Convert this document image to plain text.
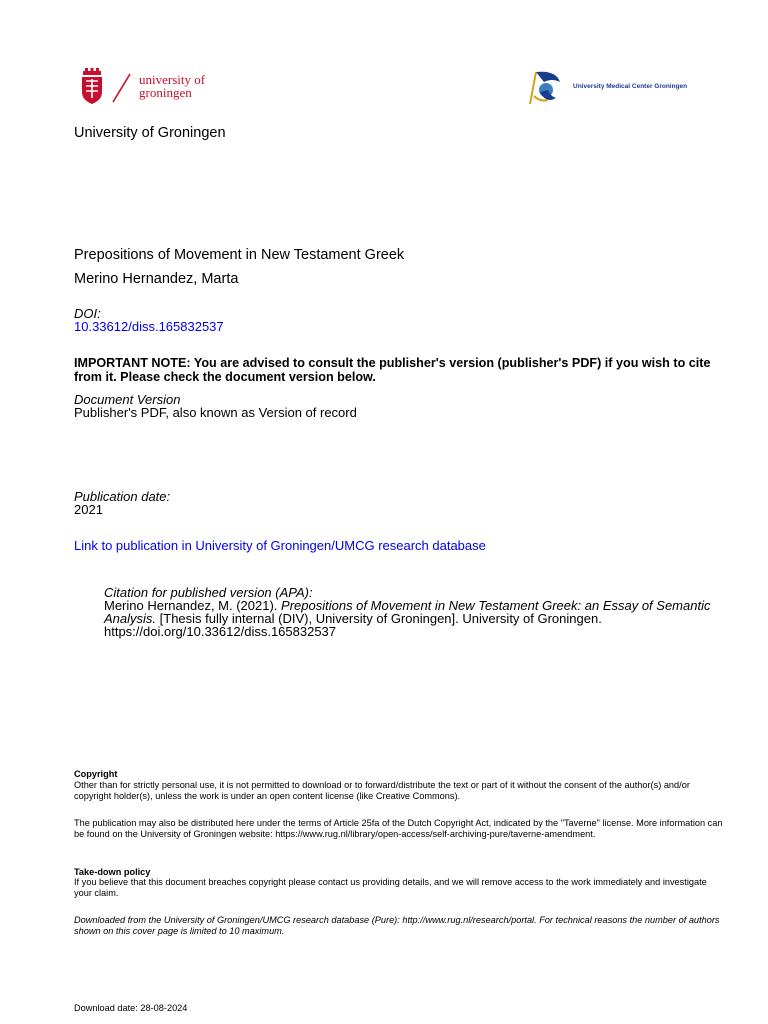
university of
groningen	University Medical Center Groningen
University of Groningen
Prepositions of Movement in New Testament Greek
Merino Hernandez, Marta
DOI:
10.33612/diss.165832537
IMPORTANT NOTE: You are advised to consult the publisher's version (publisher's PDF) if you wish to cite from it. Please check the document version below.
Document Version
Publisher's PDF, also known as Version of record
Publication date:
2021
Link to publication in University of Groningen/UMCG research database
Citation for published version (APA):
Merino Hernandez, M. (2021). Prepositions of Movement in New Testament Greek: an Essay of Semantic Analysis. [Thesis fully internal (DIV), University of Groningen]. University of Groningen.
https://doi.org/10.33612/diss.165832537
Copyright
Other than for strictly personal use, it is not permitted to download or to forward/distribute the text or part of it without the consent of the author(s) and/or copyright holder(s), unless the work is under an open content license (like Creative Commons).
The publication may also be distributed here under the terms of Article 25fa of the Dutch Copyright Act, indicated by the "Taverne" license. More information can be found on the University of Groningen website: https://www.rug.nl/library/open-access/self-archiving-pure/taverne-amendment.
Take-down policy
If you believe that this document breaches copyright please contact us providing details, and we will remove access to the work immediately and investigate your claim.
Downloaded from the University of Groningen/UMCG research database (Pure): http://www.rug.nl/research/portal. For technical reasons the number of authors shown on this cover page is limited to 10 maximum.
Download date: 28-08-2024
